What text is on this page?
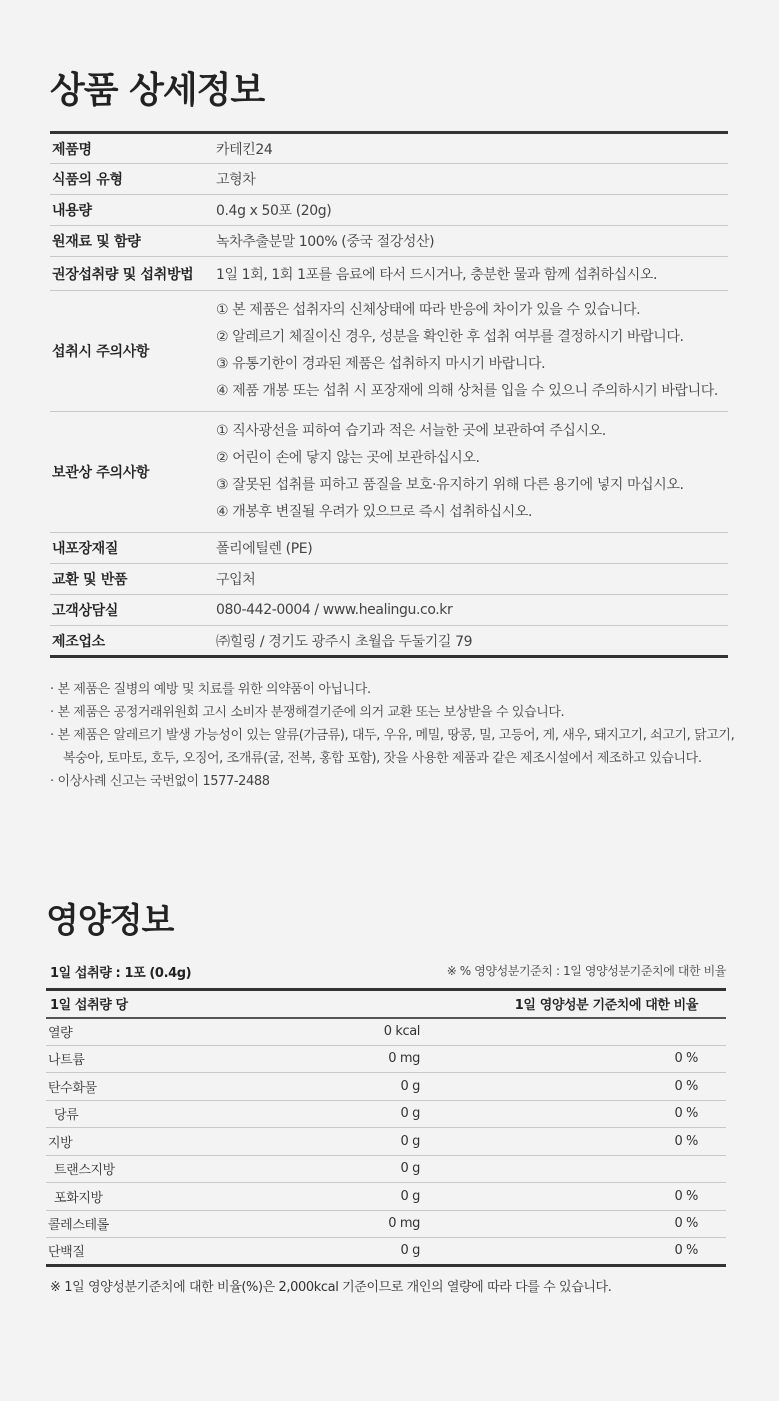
상품 상세정보
제품명	카테킨24
식품의 유형	고형차
내용량	0.4g x 50포 (20g)
원재료 및 함량	녹차추출분말 100% (중국 절강성산)
권장섭취량 및 섭취방법	1일 1회, 1회 1포를 음료에 타서 드시거나, 충분한 물과 함께 섭취하십시오.
섭취시 주의사항	① 본 제품은 섭취자의 신체상태에 따라 반응에 차이가 있을 수 있습니다.
② 알레르기 체질이신 경우, 성분을 확인한 후 섭취 여부를 결정하시기 바랍니다.
③ 유통기한이 경과된 제품은 섭취하지 마시기 바랍니다.
④ 제품 개봉 또는 섭취 시 포장재에 의해 상처를 입을 수 있으니 주의하시기 바랍니다.

보관상 주의사항	① 직사광선을 피하여 습기과 적은 서늘한 곳에 보관하여 주십시오.
② 어린이 손에 닿지 않는 곳에 보관하십시오.
③ 잘못된 섭취를 피하고 품질을 보호·유지하기 위해 다른 용기에 넣지 마십시오.
④ 개봉후 변질될 우려가 있으므로 즉시 섭취하십시오.

내포장재질	폴리에틸렌 (PE)
교환 및 반품	구입처
고객상담실	080-442-0004 / www.healingu.co.kr
제조업소	㈜힐링 / 경기도 광주시 초월읍 두둘기길 79
· 본 제품은 질병의 예방 및 치료를 위한 의약품이 아닙니다.
· 본 제품은 공정거래위원회 고시 소비자 분쟁해결기준에 의거 교환 또는 보상받을 수 있습니다.
· 본 제품은 알레르기 발생 가능성이 있는 알류(가금류), 대두, 우유, 메밀, 땅콩, 밀, 고등어, 게, 새우, 돼지고기, 쇠고기, 닭고기, 복숭아, 토마토, 호두, 오징어, 조개류(굴, 전복, 홍합 포함), 잣을 사용한 제품과 같은 제조시설에서 제조하고 있습니다.
· 이상사례 신고는 국번없이 1577-2488
영양정보
1일 섭취량 : 1포 (0.4g)	※ % 영양성분기준치 : 1일 영양성분기준치에 대한 비율
1일 섭취량 당		1일 영양성분 기준치에 대한 비율
열량	0 kcal	
나트륨	0 mg	0 %
탄수화물	0 g	0 %
당류	0 g	0 %
지방	0 g	0 %
트랜스지방	0 g	
포화지방	0 g	0 %
콜레스테롤	0 mg	0 %
단백질	0 g	0 %

※ 1일 영양성분기준치에 대한 비율(%)은 2,000kcal 기준이므로 개인의 열량에 따라 다를 수 있습니다.
